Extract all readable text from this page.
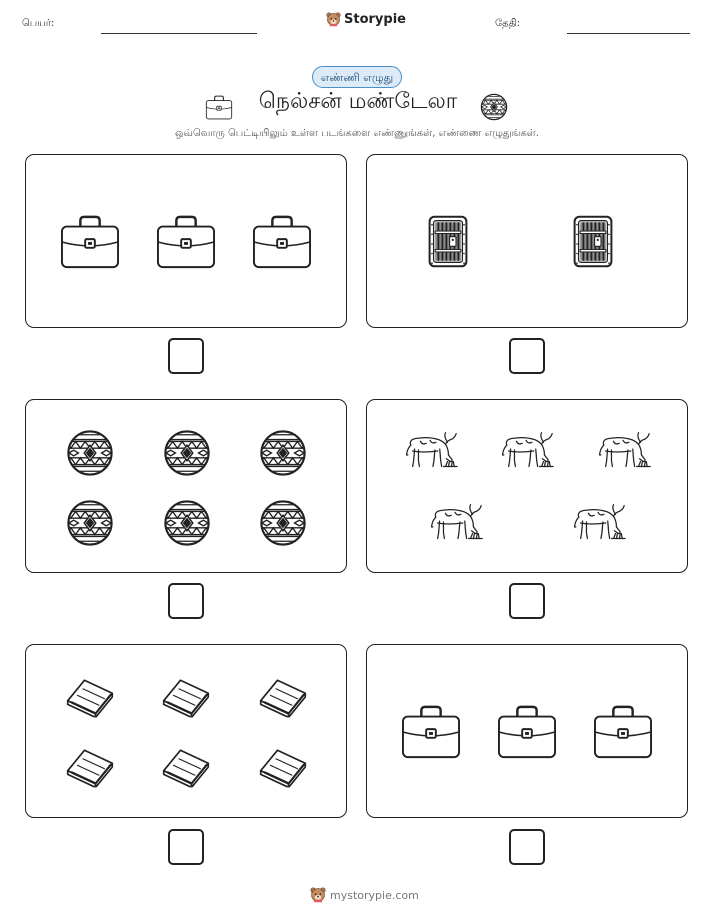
பெயர்:	Storypie	தேதி:
எண்ணி எழுது
நெல்சன் மண்டேலா
ஒவ்வொரு பெட்டியிலும் உள்ள படங்களை எண்ணுங்கள், எண்ணை எழுதுங்கள்.
mystorypie.com
